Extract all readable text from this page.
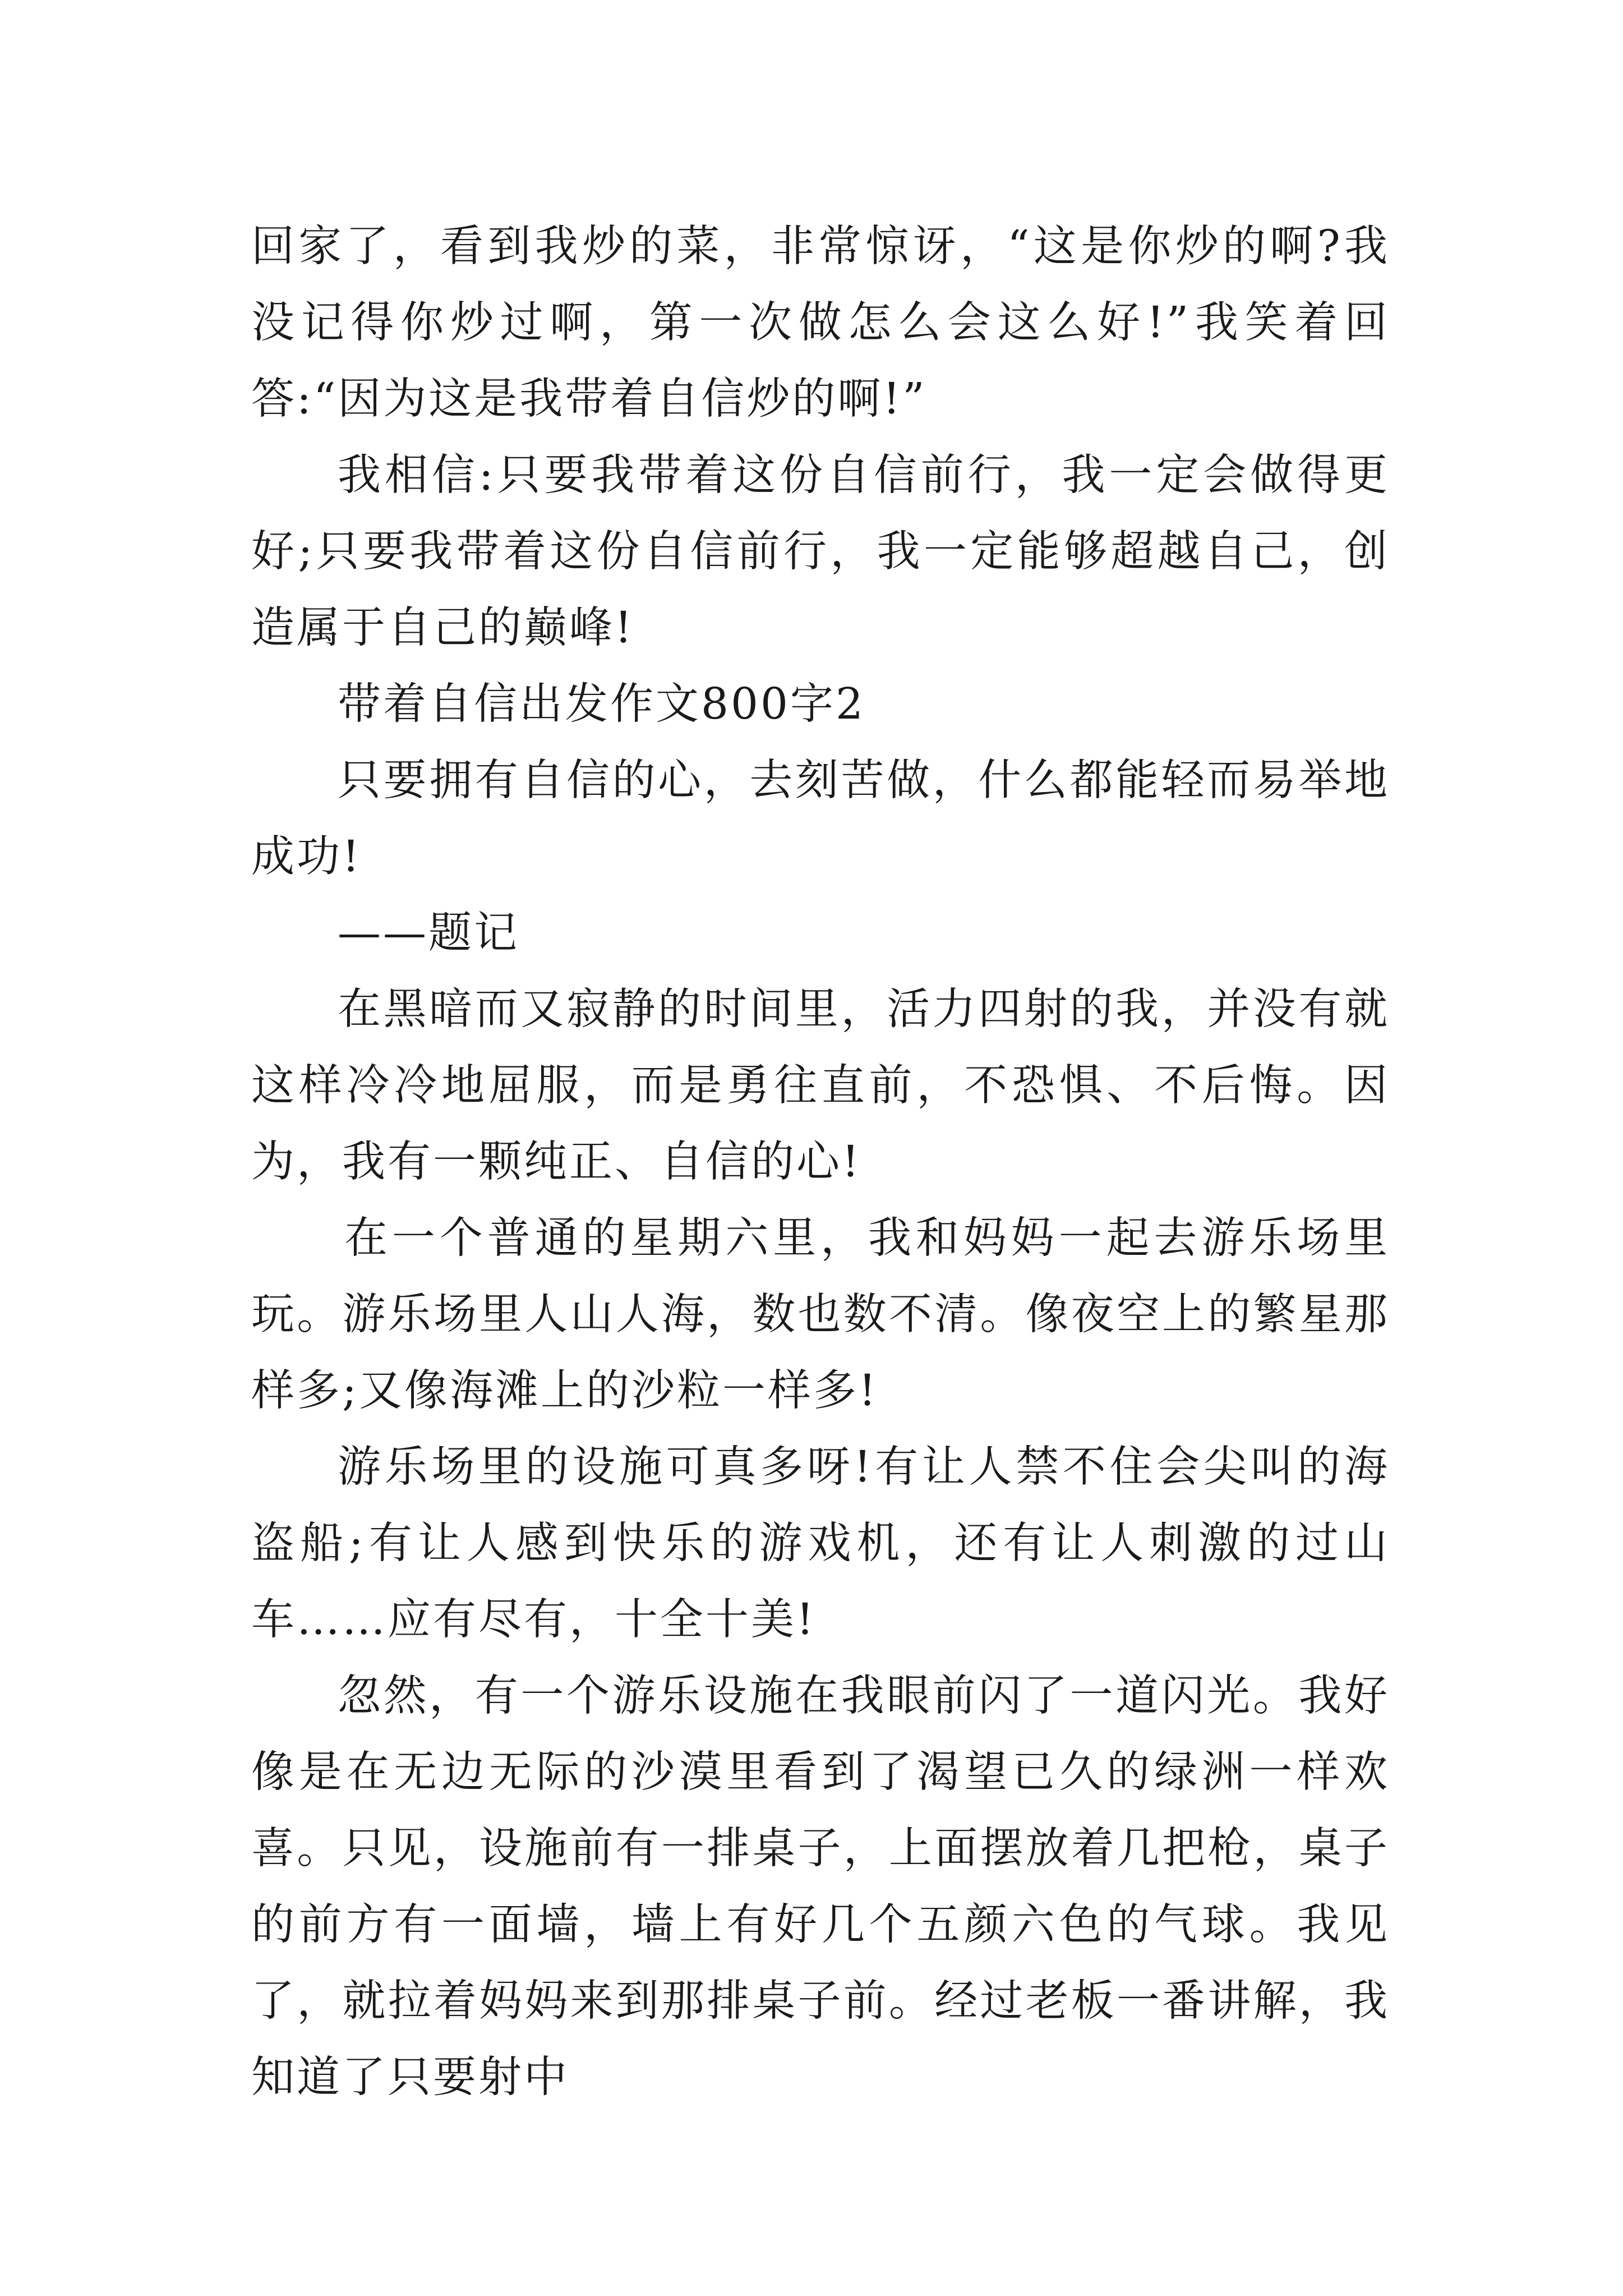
回家了，看到我炒的菜，非常惊讶，“这是你炒的啊?我没记得你炒过啊，第一次做怎么会这么好!”我笑着回答:“因为这是我带着自信炒的啊!”

我相信:只要我带着这份自信前行，我一定会做得更好;只要我带着这份自信前行，我一定能够超越自己，创造属于自己的巅峰!

带着自信出发作文800字2

只要拥有自信的心，去刻苦做，什么都能轻而易举地成功!

——题记

在黑暗而又寂静的时间里，活力四射的我，并没有就这样冷冷地屈服，而是勇往直前，不恐惧、不后悔。因为，我有一颗纯正、自信的心!

在一个普通的星期六里，我和妈妈一起去游乐场里玩。游乐场里人山人海，数也数不清。像夜空上的繁星那样多;又像海滩上的沙粒一样多!

游乐场里的设施可真多呀!有让人禁不住会尖叫的海盗船;有让人感到快乐的游戏机，还有让人刺激的过山车……应有尽有，十全十美!

忽然，有一个游乐设施在我眼前闪了一道闪光。我好像是在无边无际的沙漠里看到了渴望已久的绿洲一样欢喜。只见，设施前有一排桌子，上面摆放着几把枪，桌子的前方有一面墙，墙上有好几个五颜六色的气球。我见了，就拉着妈妈来到那排桌子前。经过老板一番讲解，我知道了只要射中
